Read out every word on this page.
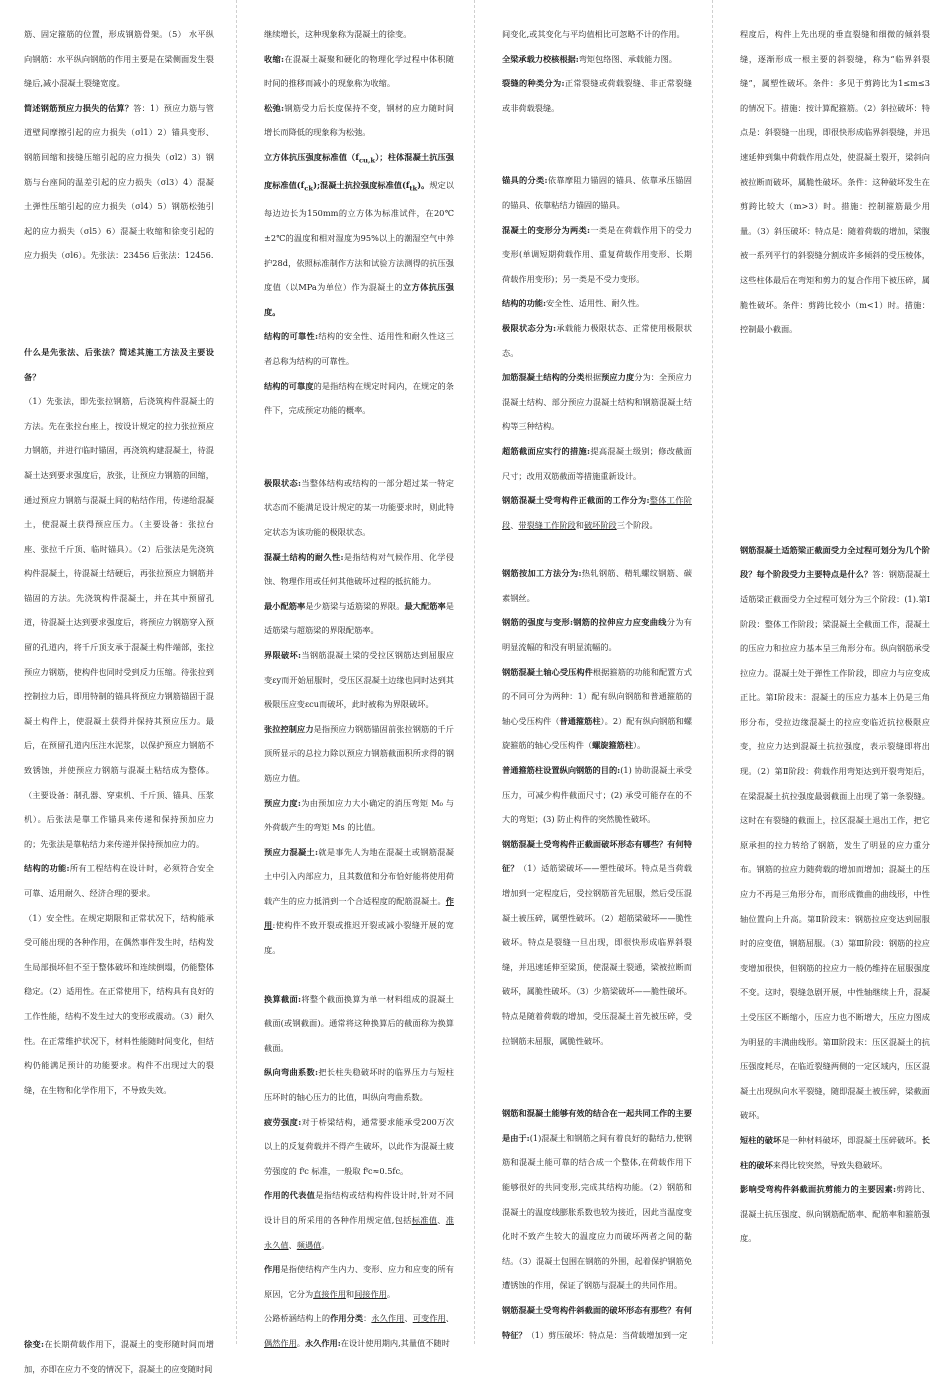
筋、固定箍筋的位置，形成钢筋骨架。（5） 水平纵向钢筋：水平纵向钢筋的作用主要是在梁侧面发生裂缝后,减小混凝土裂缝宽度。

简述钢筋预应力损失的估算？答：1）预应力筋与管道壁间摩擦引起的应力损失（σl1）2）锚具变形、钢筋回缩和接缝压缩引起的应力损失（σl2）3）钢筋与台座间的温差引起的应力损失（σl3）4）混凝土弹性压缩引起的应力损失（σl4）5）钢筋松弛引起的应力损失（σl5）6）混凝土收缩和徐变引起的应力损失（σl6）。先张法：23456 后张法：12456.

什么是先张法、后张法？简述其施工方法及主要设备？

（1）先张法，即先张拉钢筋，后浇筑构件混凝土的方法。先在张拉台座上，按设计规定的拉力张拉预应力钢筋，并进行临时锚固，再浇筑构建混凝土，待混凝土达到要求强度后，放张，让预应力钢筋的回缩，通过预应力钢筋与混凝土间的粘结作用，传递给混凝土，使混凝土获得预应压力。（主要设备：张拉台座、张拉千斤顶、临时锚具）。（2）后张法是先浇筑构件混凝土，待混凝土结硬后，再张拉预应力钢筋并锚固的方法。先浇筑构件混凝土，并在其中预留孔道，待混凝土达到要求强度后，将预应力钢筋穿入预留的孔道内，将千斤顶支承于混凝土构件端部，张拉预应力钢筋，使构件也同时受到反力压缩。待张拉到控制拉力后，即用特制的锚具将预应力钢筋锚固于混凝土构件上，使混凝土获得并保持其预应压力。最后，在预留孔道内压注水泥浆，以保护预应力钢筋不致锈蚀，并使预应力钢筋与混凝土粘结成为整体。（主要设备：制孔器、穿束机、千斤顶、锚具、压浆机）。后张法是靠工作锚具来传递和保持预加应力的；先张法是靠粘结力来传递并保持预加应力的。

结构的功能:所有工程结构在设计时，必须符合安全可靠、适用耐久、经济合理的要求。

（1）安全性。在规定期限和正常状况下，结构能承受可能出现的各种作用，在偶然事件发生时，结构发生局部损坏但不至于整体破坏和连续倒塌，仍能整体稳定。（2）适用性。在正常使用下，结构具有良好的工作性能，结构不发生过大的变形或震动。（3）耐久性。在正常维护状况下，材料性能随时间变化，但结构仍能满足预计的功能要求。构件不出现过大的裂缝，在生物和化学作用下，不导致失效。

徐变:在长期荷载作用下，混凝土的变形随时间而增加，亦即在应力不变的情况下，混凝土的应变随时间

继续增长，这种现象称为混凝土的徐变。

收缩:在混凝土凝聚和硬化的物理化学过程中体积随时间的推移而减小的现象称为收缩。

松弛:钢筋受力后长度保持不变，钢材的应力随时间增长而降低的现象称为松弛。

立方体抗压强度标准值$(f_{cu,k})$；柱体混凝土抗压强度标准值$(f_{ck})$;混凝土抗拉强度标准值$(f_{tk})$。规定以每边边长为150mm的立方体为标准试件，在20℃±2℃的温度和相对湿度为95%以上的潮湿空气中养护28d，依照标准制作方法和试验方法测得的抗压强度值（以MPa为单位）作为混凝土的立方体抗压强度。

结构的可靠性:结构的安全性、适用性和耐久性这三者总称为结构的可靠性。

结构的可靠度的是指结构在规定时间内，在规定的条件下，完成预定功能的概率。

极限状态:当整体结构或结构的一部分超过某一特定状态而不能满足设计规定的某一功能要求时，则此特定状态为该功能的极限状态。

混凝土结构的耐久性:是指结构对气候作用、化学侵蚀、物理作用或任何其他破坏过程的抵抗能力。

最小配筋率是少筋梁与适筋梁的界限。最大配筋率是适筋梁与超筋梁的界限配筋率。

界限破坏:当钢筋混凝土梁的受拉区钢筋达到屈服应变εy而开始屈服时，受压区混凝土边缘也同时达到其极限压应变εcu而破坏，此时被称为界限破坏。

张拉控制应力是指预应力钢筋锚固前张拉钢筋的千斤顶所显示的总拉力除以预应力钢筋截面积所求得的钢筋应力值。

预应力度:为由预加应力大小确定的消压弯矩 M₀ 与外荷载产生的弯矩 Ms 的比值。

预应力混凝土:就是事先人为地在混凝土或钢筋混凝土中引入内部应力，且其数值和分布恰好能将使用荷载产生的应力抵消到一个合适程度的配筋混凝土。作用:使构件不致开裂或推迟开裂或减小裂缝开展的宽度。

换算截面:将整个截面换算为单一材料组成的混凝土截面(或钢截面)。通常将这种换算后的截面称为换算截面。

纵向弯曲系数:把长柱失稳破坏时的临界压力与短柱压坏时的轴心压力的比值，叫纵向弯曲系数。

疲劳强度:对于桥梁结构，通常要求能承受200万次以上的反复荷载并不得产生破坏，以此作为混凝土疲劳强度的 fᶠc 标准，一般取 fᶠc≈0.5fc。

作用的代表值是指结构或结构构件设计时,针对不同设计目的所采用的各种作用规定值,包括标准值、准永久值、频遇值。

作用是指使结构产生内力、变形、应力和应变的所有原因，它分为直接作用和间接作用。

公路桥涵结构上的作用分类：永久作用、可变作用、偶然作用。永久作用:在设计使用期内,其量值不随时

间变化,或其变化与平均值相比可忽略不计的作用。

全梁承载力校核根据:弯矩包络图、承载能力图。

裂缝的种类分为:正常裂缝或荷载裂缝、非正常裂缝或非荷载裂缝。

锚具的分类:依靠摩阻力锚固的锚具、依靠承压锚固的锚具、依靠粘结力锚固的锚具。

混凝土的变形分为两类:一类是在荷载作用下的受力变形(单调短期荷载作用、重复荷载作用变形、长期荷载作用变形)；另一类是不受力变形。

结构的功能:安全性、适用性、耐久性。

极限状态分为:承载能力极限状态、正常使用极限状态。

加筋混凝土结构的分类根据预应力度分为：全预应力混凝土结构、部分预应力混凝土结构和钢筋混凝土结构等三种结构。

超筋截面应实行的措施:提高混凝土级别；修改截面尺寸；改用双筋截面等措施重新设计。

钢筋混凝土受弯构件正截面的工作分为:整体工作阶段、带裂缝工作阶段和破坏阶段三个阶段。

钢筋按加工方法分为:热轧钢筋、精轧螺纹钢筋、碳素钢丝。

钢筋的强度与变形:钢筋的拉伸应力应变曲线分为有明显流幅的和没有明显流幅的。

钢筋混凝土轴心受压构件根据箍筋的功能和配置方式的不同可分为两种：1）配有纵向钢筋和普通箍筋的轴心受压构件（普通箍筋柱）。2）配有纵向钢筋和螺旋箍筋的轴心受压构件（螺旋箍筋柱）。

普通箍筋柱设置纵向钢筋的目的:(1) 协助混凝土承受压力，可减少构件截面尺寸；(2) 承受可能存在的不大的弯矩；(3) 防止构件的突然脆性破坏。

钢筋混凝土受弯构件正截面破坏形态有哪些？有何特征？（1）适筋梁破坏——塑性破坏。特点是当荷载增加到一定程度后，受拉钢筋首先屈服，然后受压混凝土被压碎，属塑性破坏。（2）超筋梁破坏——脆性破坏。特点是裂缝一旦出现，即很快形成临界斜裂缝，并迅速延伸至梁顶，使混凝土裂通，梁被拉断而破坏，属脆性破坏。（3）少筋梁破坏——脆性破坏。特点是随着荷载的增加，受压混凝土首先被压碎，受拉钢筋未屈服，属脆性破坏。

钢筋和混凝土能够有效的结合在一起共同工作的主要是由于:(1)混凝土和钢筋之间有着良好的黏结力,使钢筋和混凝土能可靠的结合成一个整体,在荷载作用下能够很好的共同变形,完成其结构功能。（2）钢筋和混凝土的温度线膨胀系数也较为接近，因此当温度变化时不致产生较大的温度应力而破坏两者之间的黏结。（3）混凝土包围在钢筋的外围，起着保护钢筋免遭锈蚀的作用，保证了钢筋与混凝土的共同作用。

钢筋混凝土受弯构件斜截面的破坏形态有那些？有何特征？（1）剪压破坏：特点是：当荷载增加到一定

程度后，构件上先出现的垂直裂缝和细微的倾斜裂缝，逐渐形成一根主要的斜裂缝，称为“临界斜裂缝”，属塑性破坏。条件：多见于剪跨比为1≤m≤3的情况下。措施：按计算配箍筋。（2）斜拉破坏：特点是：斜裂缝一出现，即很快形成临界斜裂缝，并迅速延伸到集中荷载作用点处，使混凝土裂开，梁斜向被拉断而破坏，属脆性破坏。条件：这种破坏发生在剪跨比较大（m>3）时。措施：控制箍筋最少用量。（3）斜压破坏：特点是：随着荷载的增加，梁腹被一系列平行的斜裂缝分割成许多倾斜的受压棱体，这些柱体最后在弯矩和剪力的复合作用下被压碎，属脆性破坏。条件：剪跨比较小（m<1）时。措施：控制最小截面。

钢筋混凝土适筋梁正截面受力全过程可划分为几个阶段？每个阶段受力主要特点是什么？答：钢筋混凝土适筋梁正截面受力全过程可划分为三个阶段：(1).第Ⅰ阶段：整体工作阶段；梁混凝土全截面工作，混凝土的压应力和拉应力基本呈三角形分布。纵向钢筋承受拉应力。混凝土处于弹性工作阶段，即应力与应变成正比。第Ⅰ阶段末：混凝土的压应力基本上仍是三角形分布，受拉边缘混凝土的拉应变临近抗拉极限应变，拉应力达到混凝土抗拉强度，表示裂缝即将出现。（2）第Ⅱ阶段：荷载作用弯矩达到开裂弯矩后，在梁混凝土抗拉强度最弱截面上出现了第一条裂缝。这时在有裂缝的截面上，拉区混凝土退出工作，把它原承担的拉力转给了钢筋，发生了明显的应力重分布。钢筋的拉应力随荷载的增加而增加；混凝土的压应力不再是三角形分布，而形成微曲的曲线形，中性轴位置向上升高。第Ⅱ阶段末：钢筋拉应变达到屈服时的应变值，钢筋屈服。（3）第Ⅲ阶段：钢筋的拉应变增加很快，但钢筋的拉应力一般仍维持在屈服强度不变。这时，裂缝急剧开展，中性轴继续上升，混凝土受压区不断缩小，压应力也不断增大，压应力图成为明显的丰满曲线形。第Ⅲ阶段末：压区混凝土的抗压强度耗尽，在临近裂缝两侧的一定区域内，压区混凝土出现纵向水平裂缝，随即混凝土被压碎，梁截面破坏。

短柱的破坏是一种材料破坏，即混凝土压碎破坏。长柱的破坏来得比较突然，导致失稳破坏。

影响受弯构件斜截面抗剪能力的主要因素:剪跨比、混凝土抗压强度、纵向钢筋配筋率、配筋率和箍筋强度。
